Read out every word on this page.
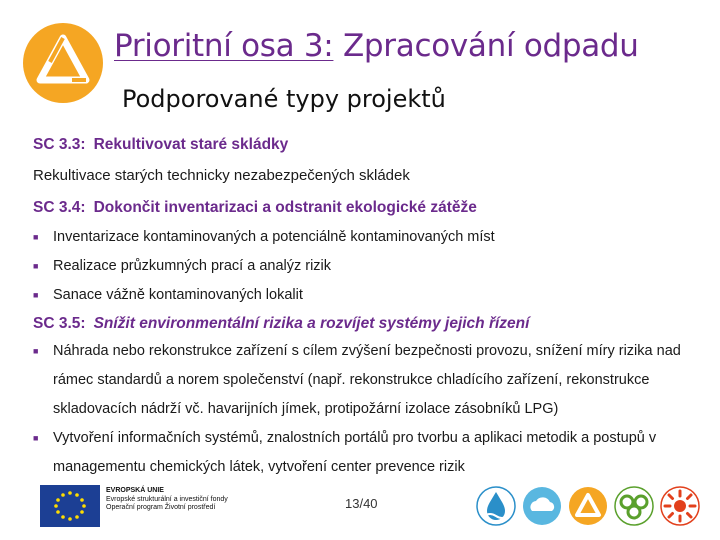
Prioritní osa 3: Zpracování odpadu
Podporované typy projektů

SC 3.3: Rekultivovat staré skládky

Rekultivace starých technicky nezabezpečených skládek

SC 3.4: Dokončit inventarizaci a odstranit ekologické zátěže

■ Inventarizace kontaminovaných a potenciálně kontaminovaných míst
■ Realizace průzkumných prací a analýz rizik
■ Sanace vážně kontaminovaných lokalit

SC 3.5: Snížit environmentální rizika a rozvíjet systémy jejich řízení

■ Náhrada nebo rekonstrukce zařízení s cílem zvýšení bezpečnosti provozu, snížení míry rizika nad rámec standardů a norem společenství (např. rekonstrukce chladícího zařízení, rekonstrukce skladovacích nádrží vč. havarijních jímek, protipožární izolace zásobníků LPG)
■ Vytvoření informačních systémů, znalostních portálů pro tvorbu a aplikaci metodik a postupů v managementu chemických látek, vytvoření center prevence rizik
EVROPSKÁ UNIE
Evropské strukturální a investiční fondy
Operační program Životní prostředí	13/40
